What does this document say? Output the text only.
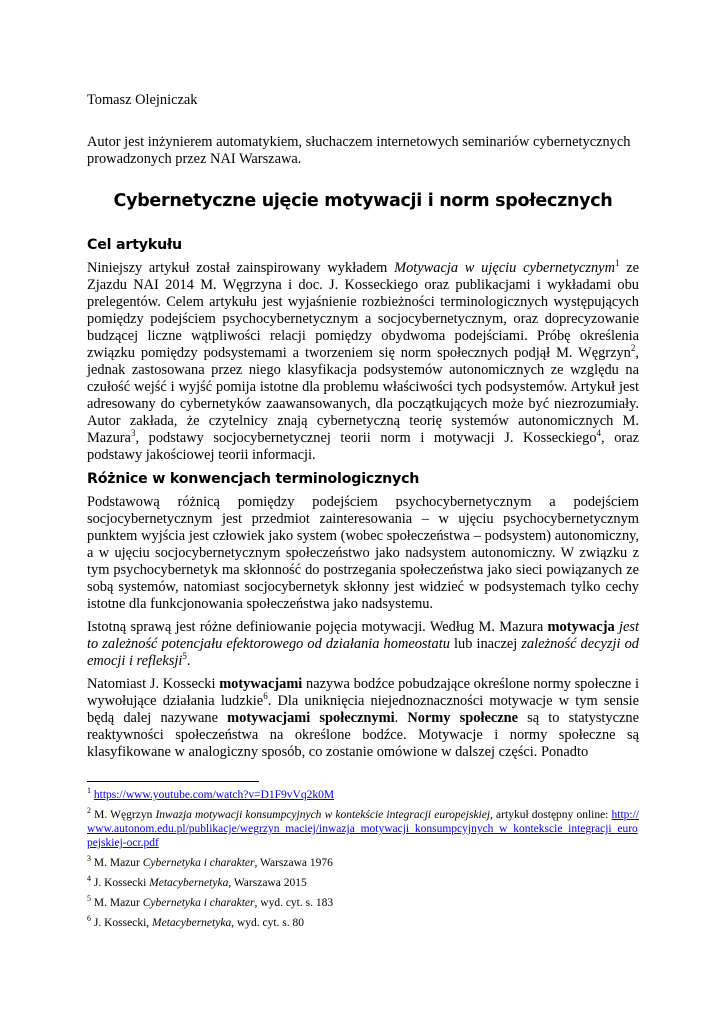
Tomasz Olejniczak

Autor jest inżynierem automatykiem, słuchaczem internetowych seminariów cybernetycznych prowadzonych przez NAI Warszawa.

Cybernetyczne ujęcie motywacji i norm społecznych
Cel artykułu

Niniejszy artykuł został zainspirowany wykładem Motywacja w ujęciu cybernetycznym$^1$ ze Zjazdu NAI 2014 M. Węgrzyna i doc. J. Kosseckiego oraz publikacjami i wykładami obu prelegentów. Celem artykułu jest wyjaśnienie rozbieżności terminologicznych występujących pomiędzy podejściem psychocybernetycznym a socjocybernetycznym, oraz doprecyzowanie budzącej liczne wątpliwości relacji pomiędzy obydwoma podejściami. Próbę określenia związku pomiędzy podsystemami a tworzeniem się norm społecznych podjął M. Węgrzyn$^2$, jednak zastosowana przez niego klasyfikacja podsystemów autonomicznych ze względu na czułość wejść i wyjść pomija istotne dla problemu właściwości tych podsystemów. Artykuł jest adresowany do cybernetyków zaawansowanych, dla początkujących może być niezrozumiały. Autor zakłada, że czytelnicy znają cybernetyczną teorię systemów autonomicznych M. Mazura$^3$, podstawy socjocybernetycznej teorii norm i motywacji J. Kosseckiego$^4$, oraz podstawy jakościowej teorii informacji.

Różnice w konwencjach terminologicznych

Podstawową różnicą pomiędzy podejściem psychocybernetycznym a podejściem socjocybernetycznym jest przedmiot zainteresowania – w ujęciu psychocybernetycznym punktem wyjścia jest człowiek jako system (wobec społeczeństwa – podsystem) autonomiczny, a w ujęciu socjocybernetycznym społeczeństwo jako nadsystem autonomiczny. W związku z tym psychocybernetyk ma skłonność do postrzegania społeczeństwa jako sieci powiązanych ze sobą systemów, natomiast socjocybernetyk skłonny jest widzieć w podsystemach tylko cechy istotne dla funkcjonowania społeczeństwa jako nadsystemu.

Istotną sprawą jest różne definiowanie pojęcia motywacji. Według M. Mazura motywacja jest to zależność potencjału efektorowego od działania homeostatu lub inaczej zależność decyzji od emocji i refleksji$^5$.

Natomiast J. Kossecki motywacjami nazywa bodźce pobudzające określone normy społeczne i wywołujące działania ludzkie$^6$. Dla uniknięcia niejednoznaczności motywacje w tym sensie będą dalej nazywane motywacjami społecznymi. Normy społeczne są to statystyczne reaktywności społeczeństwa na określone bodźce. Motywacje i normy społeczne są klasyfikowane w analogiczny sposób, co zostanie omówione w dalszej części. Ponadto

$^1$ https://www.youtube.com/watch?v=D1F9vVq2k0M

$^2$ M. Węgrzyn Inwazja motywacji konsumpcyjnych w kontekście integracji europejskiej, artykuł dostępny online: http://www.autonom.edu.pl/publikacje/wegrzyn_maciej/inwazja_motywacji_konsumpcyjnych_w_kontekscie_integracji_europejskiej-ocr.pdf

$^3$ M. Mazur Cybernetyka i charakter, Warszawa 1976

$^4$ J. Kossecki Metacybernetyka, Warszawa 2015

$^5$ M. Mazur Cybernetyka i charakter, wyd. cyt. s. 183

$^6$ J. Kossecki, Metacybernetyka, wyd. cyt. s. 80
